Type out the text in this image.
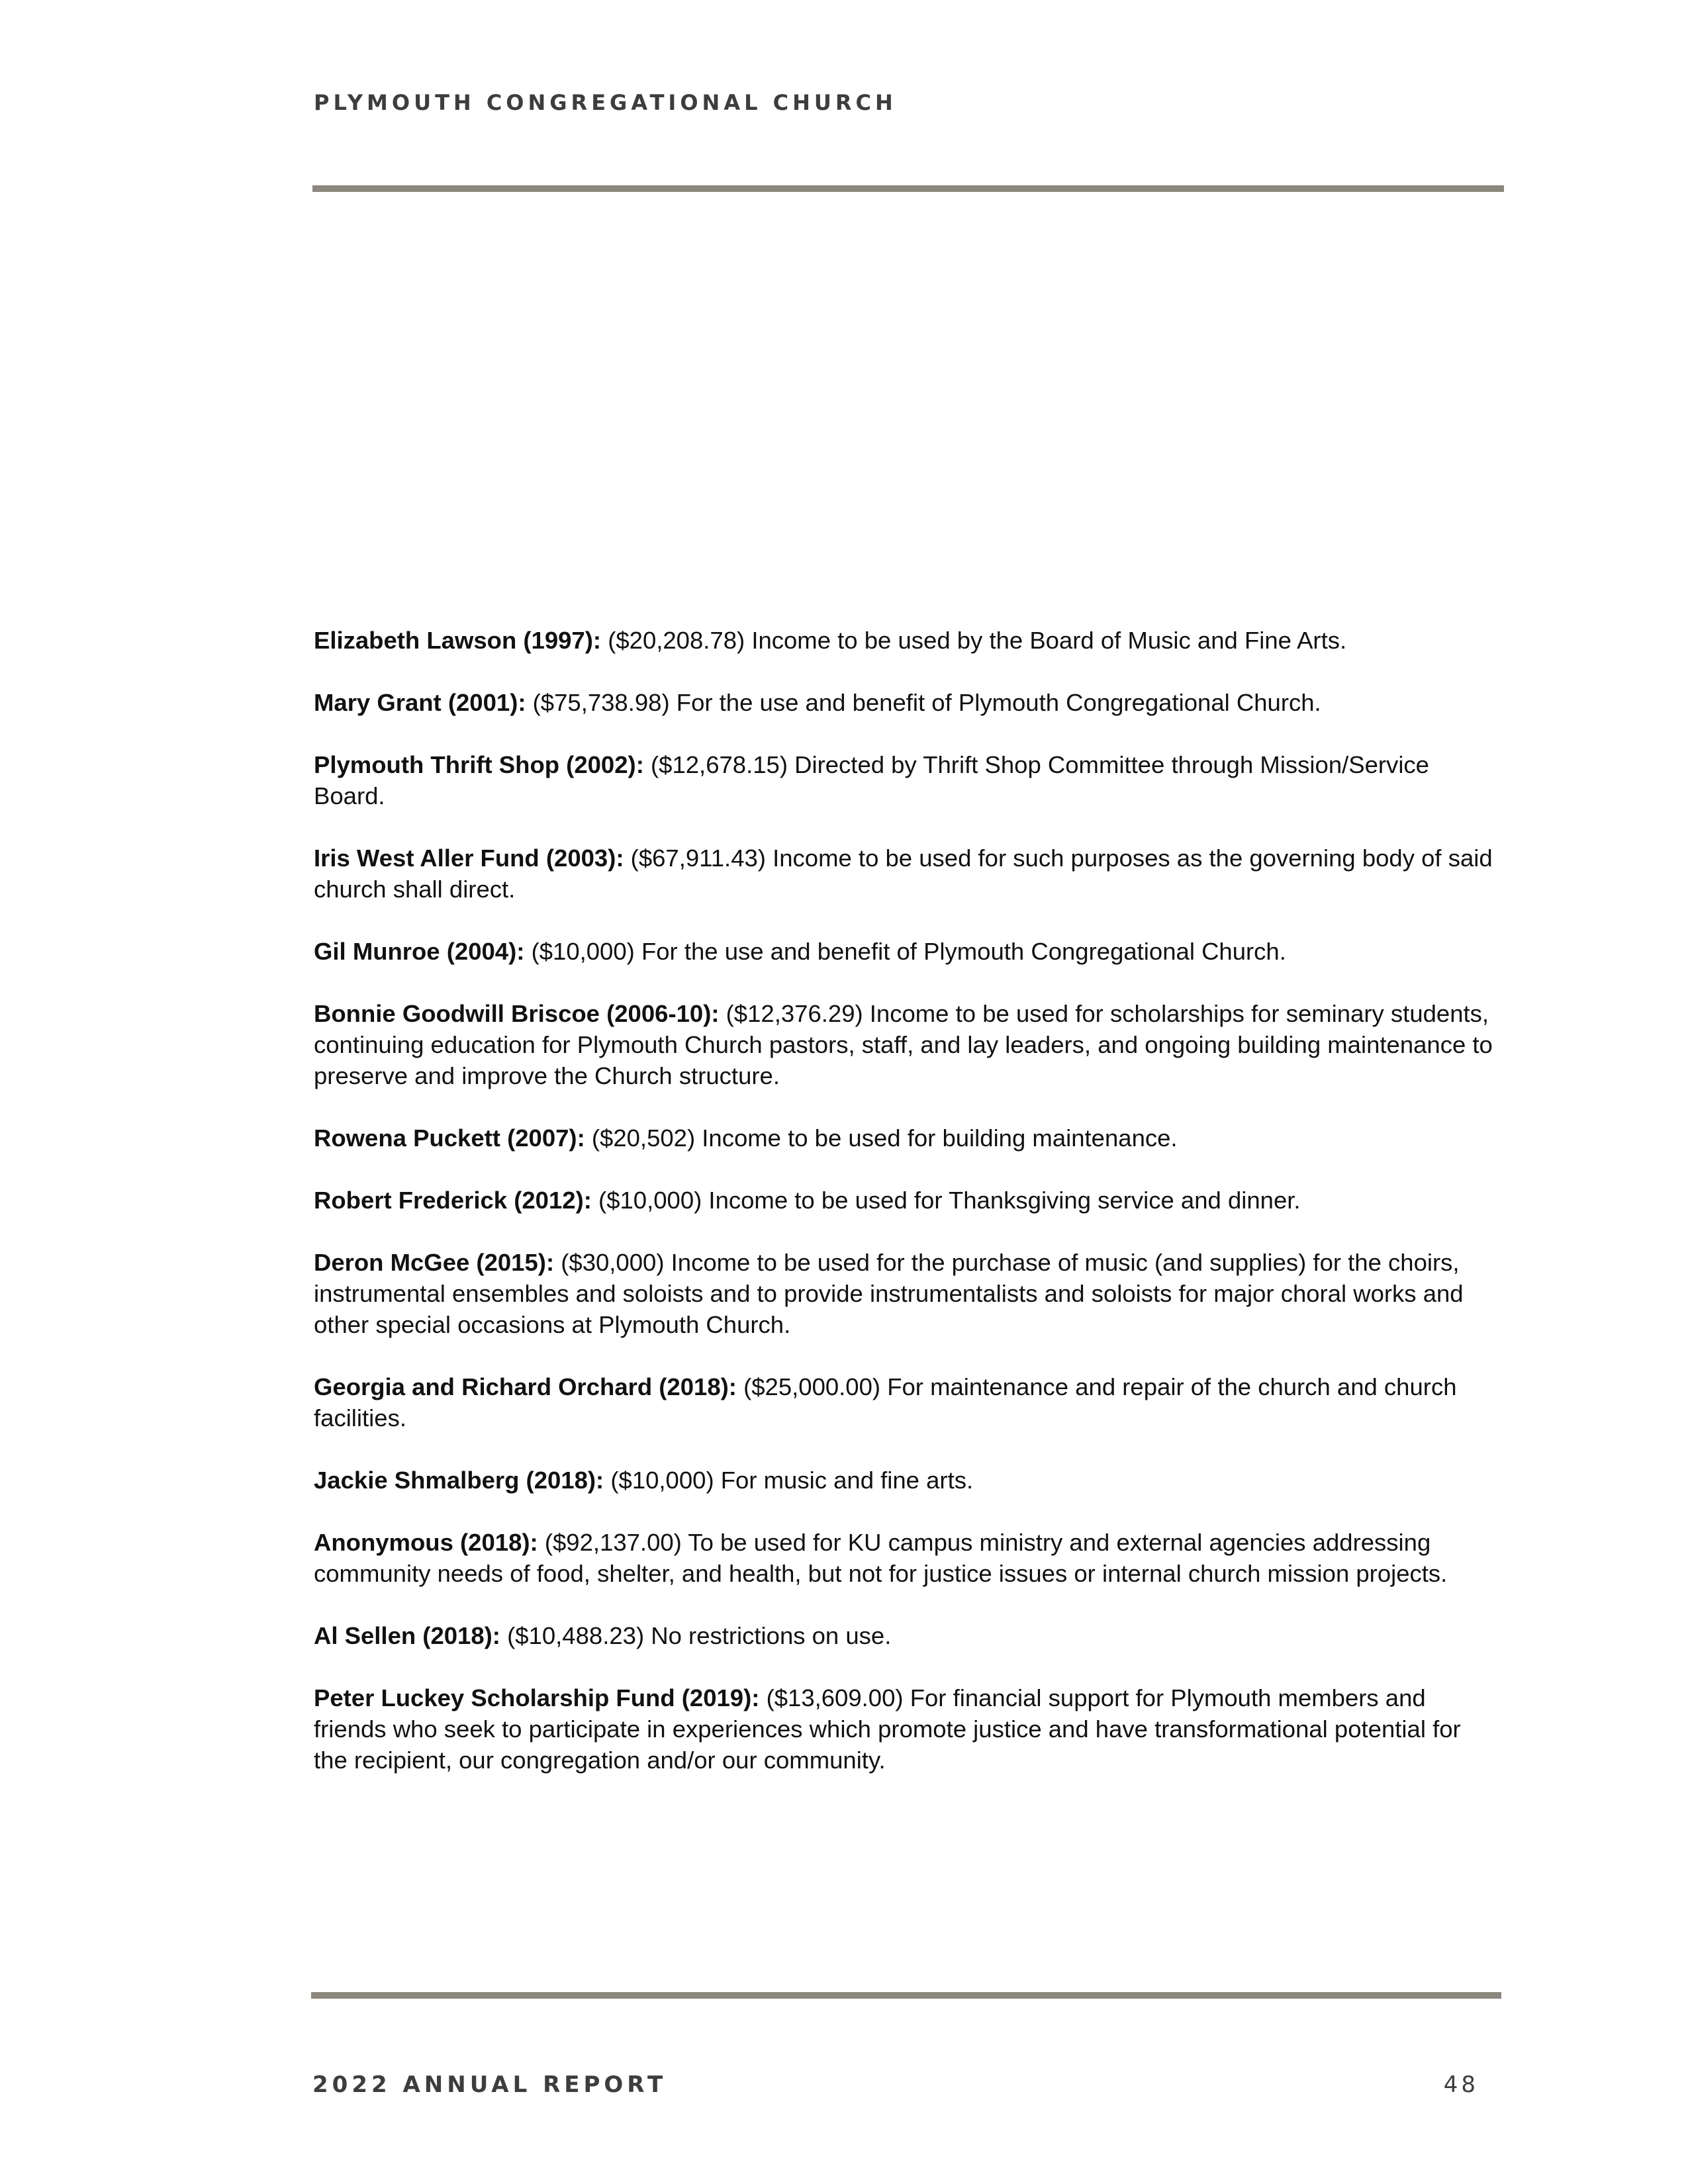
PLYMOUTH CONGREGATIONAL CHURCH
Elizabeth Lawson (1997): ($20,208.78) Income to be used by the Board of Music and Fine Arts.
Mary Grant (2001): ($75,738.98) For the use and benefit of Plymouth Congregational Church.
Plymouth Thrift Shop (2002): ($12,678.15) Directed by Thrift Shop Committee through Mission/Service Board.
Iris West Aller Fund (2003): ($67,911.43) Income to be used for such purposes as the governing body of said church shall direct.
Gil Munroe (2004): ($10,000) For the use and benefit of Plymouth Congregational Church.
Bonnie Goodwill Briscoe (2006-10): ($12,376.29) Income to be used for scholarships for seminary students, continuing education for Plymouth Church pastors, staff, and lay leaders, and ongoing building maintenance to preserve and improve the Church structure.
Rowena Puckett (2007): ($20,502) Income to be used for building maintenance.
Robert Frederick (2012): ($10,000) Income to be used for Thanksgiving service and dinner.
Deron McGee (2015): ($30,000) Income to be used for the purchase of music (and supplies) for the choirs, instrumental ensembles and soloists and to provide instrumentalists and soloists for major choral works and other special occasions at Plymouth Church.
Georgia and Richard Orchard (2018): ($25,000.00) For maintenance and repair of the church and church facilities.
Jackie Shmalberg (2018): ($10,000) For music and fine arts.
Anonymous (2018): ($92,137.00) To be used for KU campus ministry and external agencies addressing community needs of food, shelter, and health, but not for justice issues or internal church mission projects.
Al Sellen (2018): ($10,488.23) No restrictions on use.
Peter Luckey Scholarship Fund (2019): ($13,609.00) For financial support for Plymouth members and friends who seek to participate in experiences which promote justice and have transformational potential for the recipient, our congregation and/or our community.
2022 ANNUAL REPORT	48
